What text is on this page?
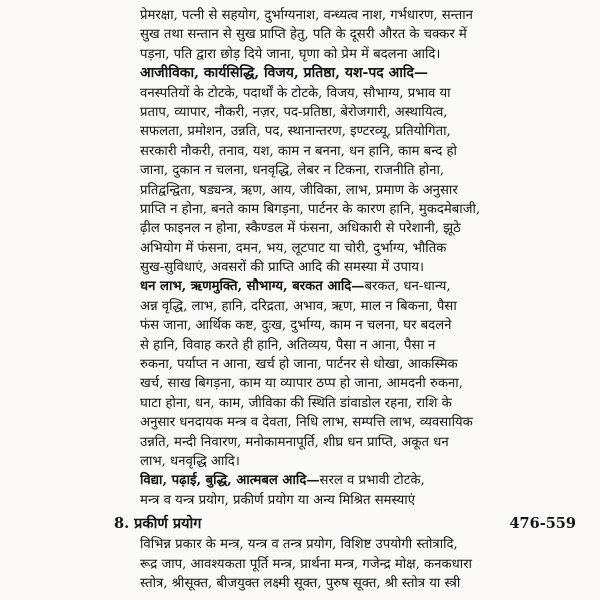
प्रेमरक्षा, पत्नी से सहयोग, दुर्भाग्यनाश, वन्ध्यत्व नाश, गर्भधारण, सन्तान
सुख तथा सन्तान से सुख प्राप्ति हेतु, पति के दूसरी औरत के चक्कर में
पड़ना, पति द्वारा छोड़ दिये जाना, घृणा को प्रेम में बदलना आदि।
आजीविका, कार्यसिद्धि, विजय, प्रतिष्ठा, यश-पद आदि—
वनस्पतियों के टोटके, पदार्थों के टोटके, विजय, सौभाग्य, प्रभाव या
प्रताप, व्यापार, नौकरी, नज़र, पद-प्रतिष्ठा, बेरोजगारी, अस्थायित्व,
सफलता, प्रमोशन, उन्नति, पद, स्थानान्तरण, इण्टरव्यू, प्रतियोगिता,
सरकारी नौकरी, तनाव, यश, काम न बनना, धन हानि, काम बन्द हो
जाना, दुकान न चलना, धनवृद्धि, लेबर न टिकना, राजनीति होना,
प्रतिद्वन्द्विता, षड्यन्त्र, ऋण, आय, जीविका, लाभ, प्रमाण के अनुसार
प्राप्ति न होना, बनते काम बिगड़ना, पार्टनर के कारण हानि, मुकदमेबाजी,
ढ़ील फाइनल न होना, स्कैण्डल में फंसना, अधिकारी से परेशानी, झूठे
अभियोग में फंसना, दमन, भय, लूटपाट या चोरी, दुर्भाग्य, भौतिक
सुख-सुविधाएं, अवसरों की प्राप्ति आदि की समस्या में उपाय।
धन लाभ, ऋणमुक्ति, सौभाग्य, बरकत आदि—बरकत, धन-धान्य,
अन्न वृद्धि, लाभ, हानि, दरिद्रता, अभाव, ऋण, माल न बिकना, पैसा
फंस जाना, आर्थिक कष्ट, दुःख, दुर्भाग्य, काम न चलना, घर बदलने
से हानि, विवाह करते ही हानि, अतिव्यय, पैसा न आना, पैसा न
रुकना, पर्याप्त न आना, खर्च हो जाना, पार्टनर से धोखा, आकस्मिक
खर्च, साख बिगड़ना, काम या व्यापार ठप्प हो जाना, आमदनी रुकना,
घाटा होना, धन, काम, जीविका की स्थिति डांवाडोल रहना, राशि के
अनुसार धनदायक मन्त्र व देवता, निधि लाभ, सम्पत्ति लाभ, व्यवसायिक
उन्नति, मन्दी निवारण, मनोकामनापूर्ति, शीघ्र धन प्राप्ति, अकूत धन
लाभ, धनवृद्धि आदि।
विद्या, पढ़ाई, बुद्धि, आत्मबल आदि—सरल व प्रभावी टोटके,
मन्त्र व यन्त्र प्रयोग, प्रकीर्ण प्रयोग या अन्य मिश्रित समस्याएं
8. प्रकीर्ण प्रयोग	476-559
विभिन्न प्रकार के मन्त्र, यन्त्र व तन्त्र प्रयोग, विशिष्ट उपयोगी स्तोत्रादि,
रूद्र जाप, आवश्यकता पूर्ति मन्त्र, प्रार्थना मन्त्र, गजेन्द्र मोक्ष, कनकधारा
स्तोत्र, श्रीसूक्त, बीजयुक्त लक्ष्मी सूक्त, पुरुष सूक्त, श्री स्तोत्र या स्त्री
